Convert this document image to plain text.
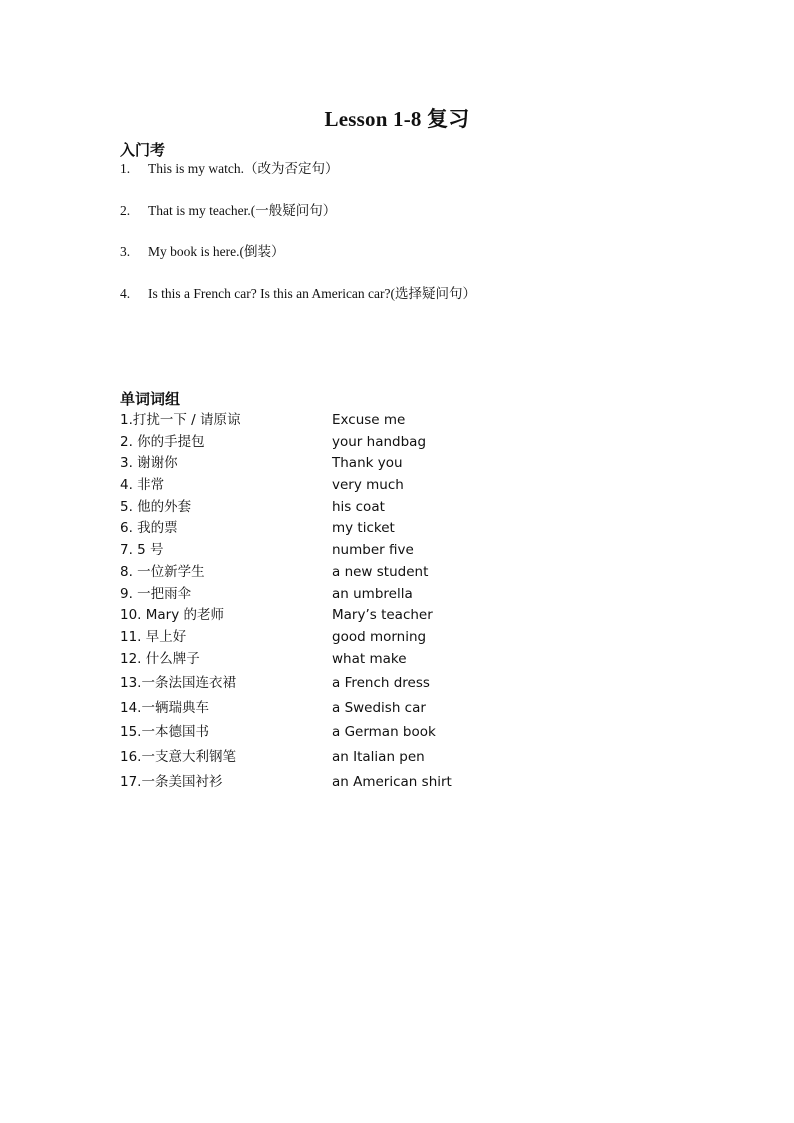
Lesson 1-8 复习
入门考
1. This is my watch.（改为否定句）
2. That is my teacher.(一般疑问句）
3. My book is here.(倒装）
4. Is this a French car? Is this an American car?(选择疑问句）
单词词组
1.打扰一下 / 请原谅	Excuse me
2. 你的手提包	your handbag
3. 谢谢你	Thank you
4. 非常	very much
5. 他的外套	his coat
6. 我的票	my ticket
7. 5 号	number five
8. 一位新学生	a new student
9. 一把雨伞	an umbrella
10. Mary 的老师	Mary’s teacher
11. 早上好	good morning
12. 什么牌子	what make
13.一条法国连衣裙	a French dress
14.一辆瑞典车	a Swedish car
15.一本德国书	a German book
16.一支意大利钢笔	an Italian pen
17.一条美国衬衫	an American shirt
